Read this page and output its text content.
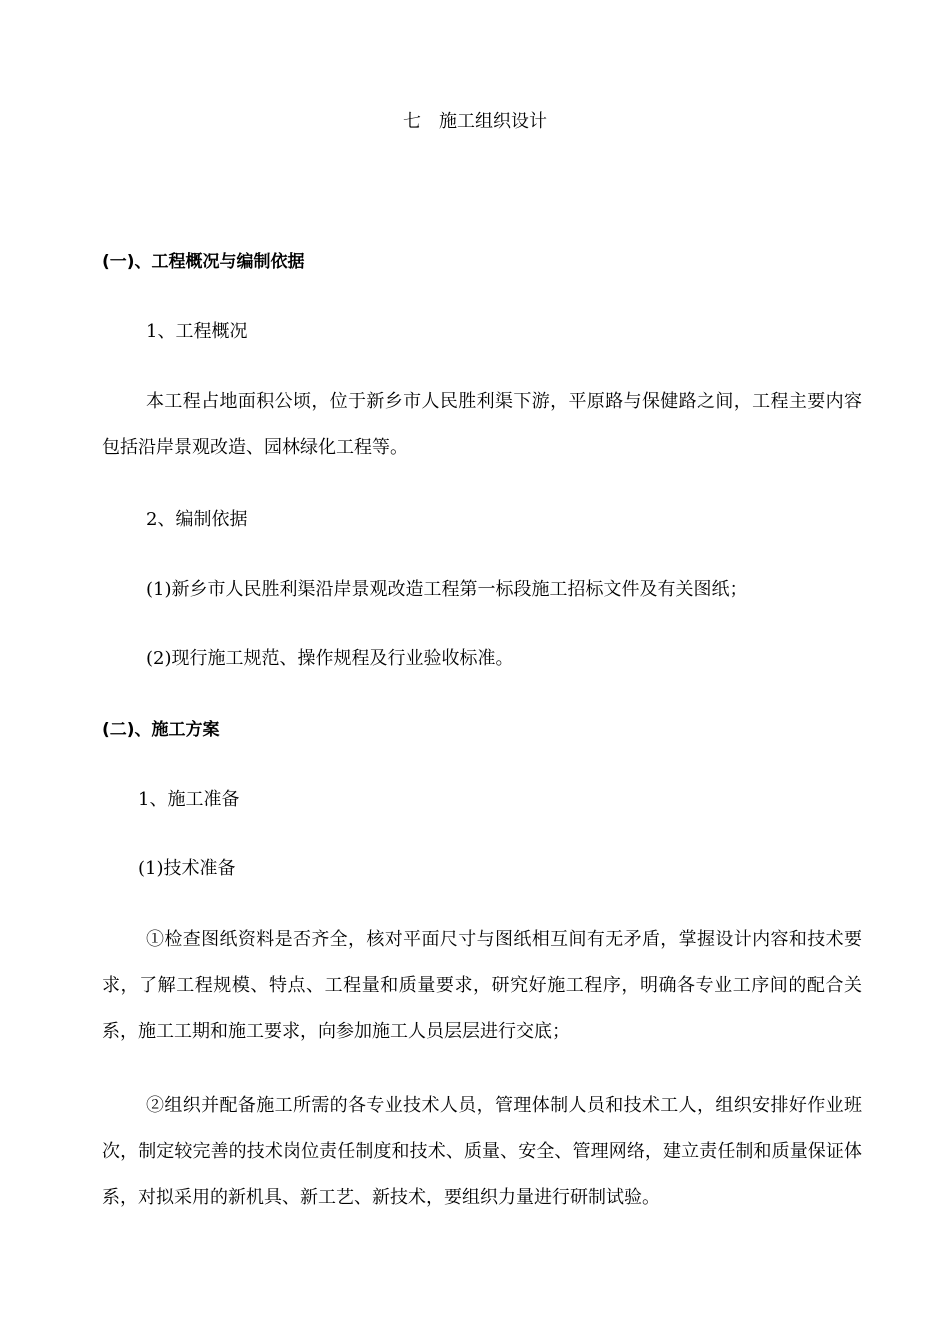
七　施工组织设计
(一)、工程概况与编制依据
1、工程概况
本工程占地面积公顷，位于新乡市人民胜利渠下游，平原路与保健路之间，工程主要内容包括沿岸景观改造、园林绿化工程等。
2、编制依据
(1)新乡市人民胜利渠沿岸景观改造工程第一标段施工招标文件及有关图纸；
(2)现行施工规范、操作规程及行业验收标准。
(二)、施工方案
1、施工准备
(1)技术准备
①检查图纸资料是否齐全，核对平面尺寸与图纸相互间有无矛盾，掌握设计内容和技术要求，了解工程规模、特点、工程量和质量要求，研究好施工程序，明确各专业工序间的配合关系，施工工期和施工要求，向参加施工人员层层进行交底；
②组织并配备施工所需的各专业技术人员，管理体制人员和技术工人，组织安排好作业班次，制定较完善的技术岗位责任制度和技术、质量、安全、管理网络，建立责任制和质量保证体系，对拟采用的新机具、新工艺、新技术，要组织力量进行研制试验。
